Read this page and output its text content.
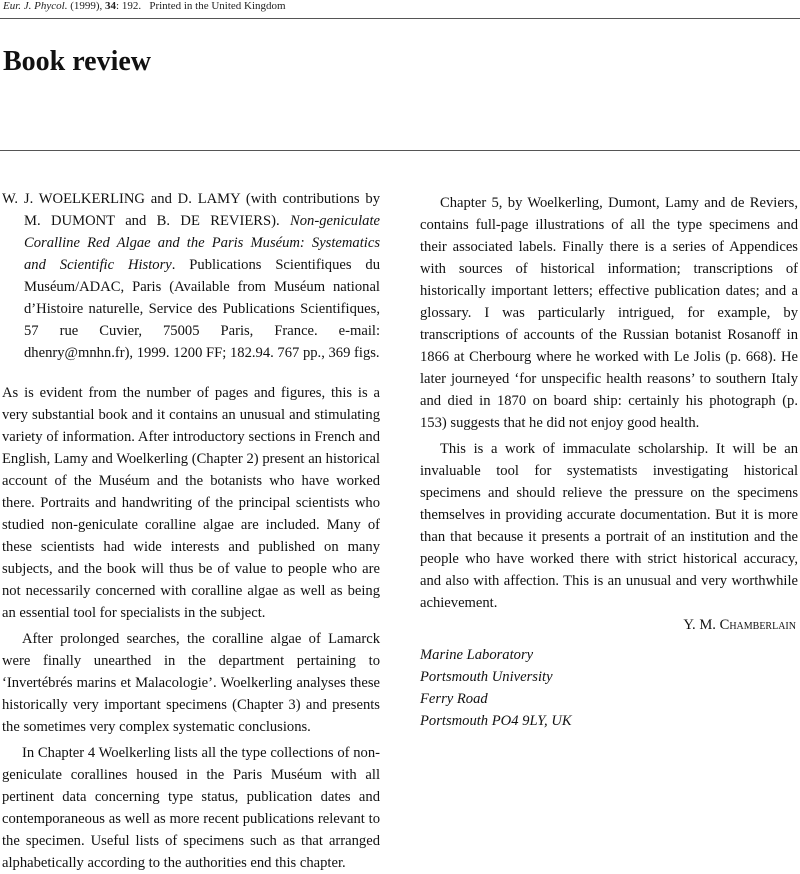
Eur. J. Phycol. (1999), 34: 192. Printed in the United Kingdom
Book review

W. J. WOELKERLING and D. LAMY (with contributions by M. DUMONT and B. DE REVIERS). Non-geniculate Coralline Red Algae and the Paris Muséum: Systematics and Scientific History. Publications Scientifiques du Muséum/ADAC, Paris (Available from Muséum national d’Histoire naturelle, Service des Publications Scientifiques, 57 rue Cuvier, 75005 Paris, France. e-mail: dhenry@mnhn.fr), 1999. 1200 FF; 182.94. 767 pp., 369 figs.

As is evident from the number of pages and figures, this is a very substantial book and it contains an unusual and stimulating variety of information. After introductory sections in French and English, Lamy and Woelkerling (Chapter 2) present an historical account of the Muséum and the botanists who have worked there. Portraits and handwriting of the principal scientists who studied non-geniculate coralline algae are included. Many of these scientists had wide interests and published on many subjects, and the book will thus be of value to people who are not necessarily concerned with coralline algae as well as being an essential tool for specialists in the subject.

After prolonged searches, the coralline algae of Lamarck were finally unearthed in the department pertaining to ‘Invertébrés marins et Malacologie’. Woelkerling analyses these historically very important specimens (Chapter 3) and presents the sometimes very complex systematic conclusions.

In Chapter 4 Woelkerling lists all the type collections of non-geniculate corallines housed in the Paris Muséum with all pertinent data concerning type status, publication dates and contemporaneous as well as more recent publications relevant to the specimen. Useful lists of specimens such as that arranged alphabetically according to the authorities end this chapter.

Chapter 5, by Woelkerling, Dumont, Lamy and de Reviers, contains full-page illustrations of all the type specimens and their associated labels. Finally there is a series of Appendices with sources of historical information; transcriptions of historically important letters; effective publication dates; and a glossary. I was particularly intrigued, for example, by transcriptions of accounts of the Russian botanist Rosanoff in 1866 at Cherbourg where he worked with Le Jolis (p. 668). He later journeyed ‘for unspecific health reasons’ to southern Italy and died in 1870 on board ship: certainly his photograph (p. 153) suggests that he did not enjoy good health.

This is a work of immaculate scholarship. It will be an invaluable tool for systematists investigating historical specimens and should relieve the pressure on the specimens themselves in providing accurate documentation. But it is more than that because it presents a portrait of an institution and the people who have worked there with strict historical accuracy, and also with affection. This is an unusual and very worthwhile achievement.

Y. M. Chamberlain

Marine Laboratory

Portsmouth University

Ferry Road

Portsmouth PO4 9LY, UK
